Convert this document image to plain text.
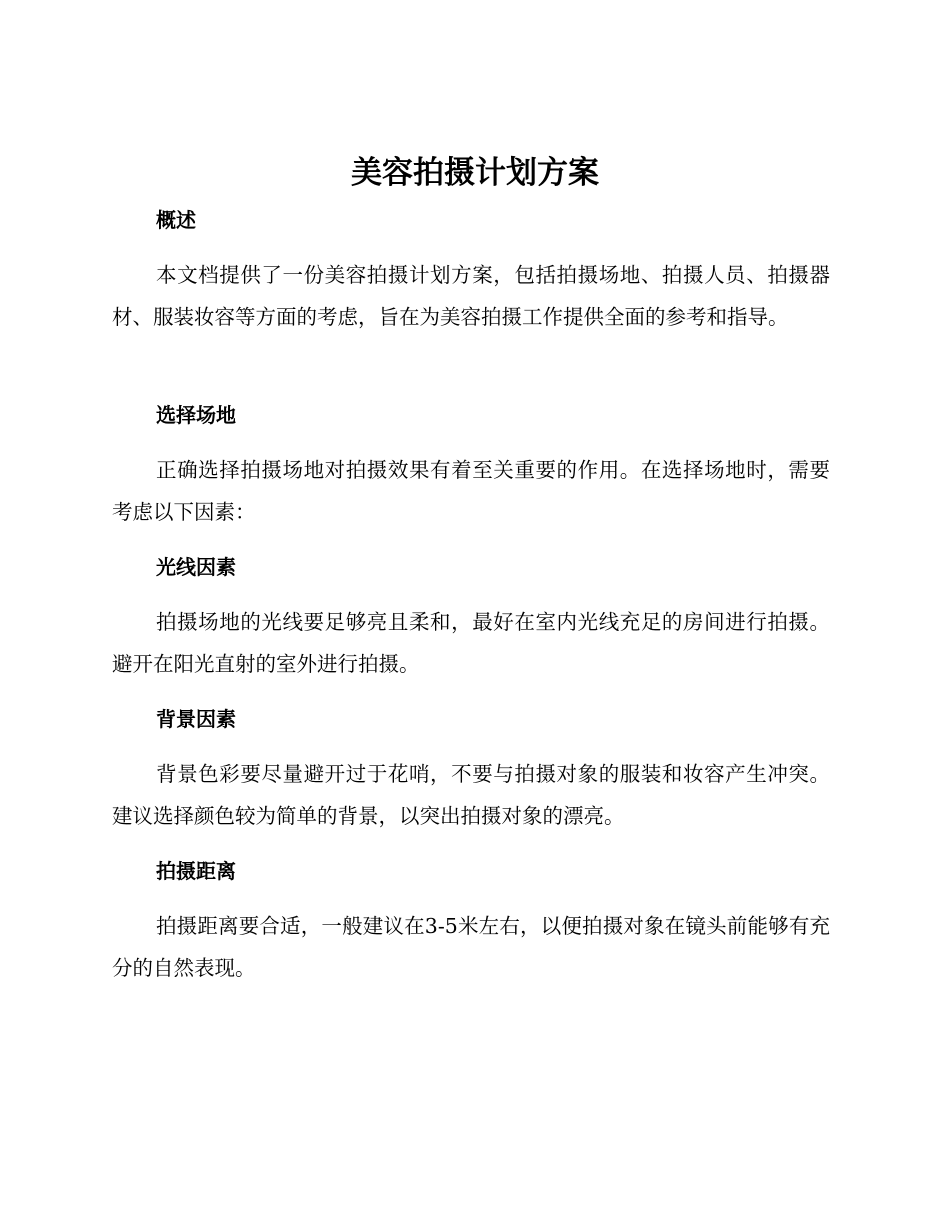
美容拍摄计划方案
概述
本文档提供了一份美容拍摄计划方案，包括拍摄场地、拍摄人员、拍摄器材、服装妆容等方面的考虑，旨在为美容拍摄工作提供全面的参考和指导。
选择场地
正确选择拍摄场地对拍摄效果有着至关重要的作用。在选择场地时，需要考虑以下因素：
光线因素
拍摄场地的光线要足够亮且柔和，最好在室内光线充足的房间进行拍摄。避开在阳光直射的室外进行拍摄。
背景因素
背景色彩要尽量避开过于花哨，不要与拍摄对象的服装和妆容产生冲突。建议选择颜色较为简单的背景，以突出拍摄对象的漂亮。
拍摄距离
拍摄距离要合适，一般建议在3-5米左右，以便拍摄对象在镜头前能够有充分的自然表现。
